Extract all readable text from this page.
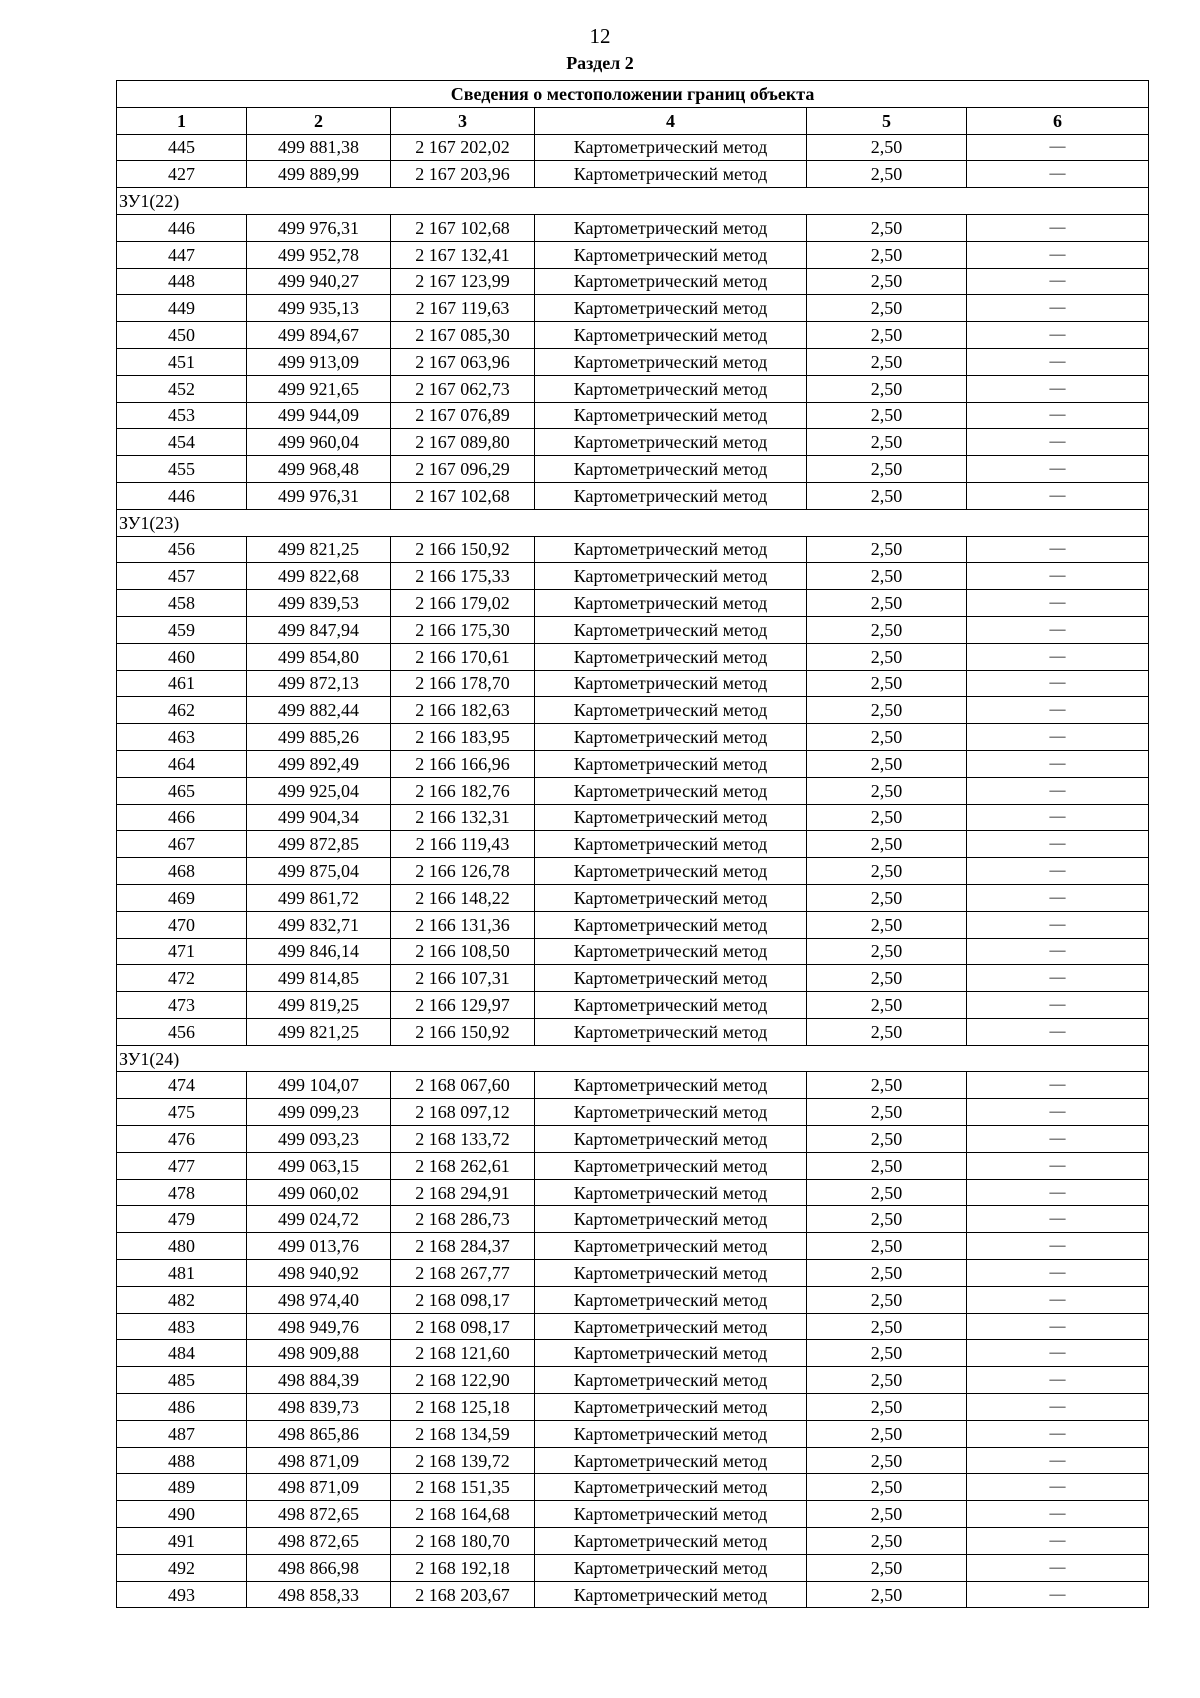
12
Раздел 2
Сведения о местоположении границ объекта					
1	2	3	4	5	6
445	499 881,38	2 167 202,02	Картометрический метод	2,50	—
427	499 889,99	2 167 203,96	Картометрический метод	2,50	—
ЗУ1(22)					
446	499 976,31	2 167 102,68	Картометрический метод	2,50	—
447	499 952,78	2 167 132,41	Картометрический метод	2,50	—
448	499 940,27	2 167 123,99	Картометрический метод	2,50	—
449	499 935,13	2 167 119,63	Картометрический метод	2,50	—
450	499 894,67	2 167 085,30	Картометрический метод	2,50	—
451	499 913,09	2 167 063,96	Картометрический метод	2,50	—
452	499 921,65	2 167 062,73	Картометрический метод	2,50	—
453	499 944,09	2 167 076,89	Картометрический метод	2,50	—
454	499 960,04	2 167 089,80	Картометрический метод	2,50	—
455	499 968,48	2 167 096,29	Картометрический метод	2,50	—
446	499 976,31	2 167 102,68	Картометрический метод	2,50	—
ЗУ1(23)					
456	499 821,25	2 166 150,92	Картометрический метод	2,50	—
457	499 822,68	2 166 175,33	Картометрический метод	2,50	—
458	499 839,53	2 166 179,02	Картометрический метод	2,50	—
459	499 847,94	2 166 175,30	Картометрический метод	2,50	—
460	499 854,80	2 166 170,61	Картометрический метод	2,50	—
461	499 872,13	2 166 178,70	Картометрический метод	2,50	—
462	499 882,44	2 166 182,63	Картометрический метод	2,50	—
463	499 885,26	2 166 183,95	Картометрический метод	2,50	—
464	499 892,49	2 166 166,96	Картометрический метод	2,50	—
465	499 925,04	2 166 182,76	Картометрический метод	2,50	—
466	499 904,34	2 166 132,31	Картометрический метод	2,50	—
467	499 872,85	2 166 119,43	Картометрический метод	2,50	—
468	499 875,04	2 166 126,78	Картометрический метод	2,50	—
469	499 861,72	2 166 148,22	Картометрический метод	2,50	—
470	499 832,71	2 166 131,36	Картометрический метод	2,50	—
471	499 846,14	2 166 108,50	Картометрический метод	2,50	—
472	499 814,85	2 166 107,31	Картометрический метод	2,50	—
473	499 819,25	2 166 129,97	Картометрический метод	2,50	—
456	499 821,25	2 166 150,92	Картометрический метод	2,50	—
ЗУ1(24)					
474	499 104,07	2 168 067,60	Картометрический метод	2,50	—
475	499 099,23	2 168 097,12	Картометрический метод	2,50	—
476	499 093,23	2 168 133,72	Картометрический метод	2,50	—
477	499 063,15	2 168 262,61	Картометрический метод	2,50	—
478	499 060,02	2 168 294,91	Картометрический метод	2,50	—
479	499 024,72	2 168 286,73	Картометрический метод	2,50	—
480	499 013,76	2 168 284,37	Картометрический метод	2,50	—
481	498 940,92	2 168 267,77	Картометрический метод	2,50	—
482	498 974,40	2 168 098,17	Картометрический метод	2,50	—
483	498 949,76	2 168 098,17	Картометрический метод	2,50	—
484	498 909,88	2 168 121,60	Картометрический метод	2,50	—
485	498 884,39	2 168 122,90	Картометрический метод	2,50	—
486	498 839,73	2 168 125,18	Картометрический метод	2,50	—
487	498 865,86	2 168 134,59	Картометрический метод	2,50	—
488	498 871,09	2 168 139,72	Картометрический метод	2,50	—
489	498 871,09	2 168 151,35	Картометрический метод	2,50	—
490	498 872,65	2 168 164,68	Картометрический метод	2,50	—
491	498 872,65	2 168 180,70	Картометрический метод	2,50	—
492	498 866,98	2 168 192,18	Картометрический метод	2,50	—
493	498 858,33	2 168 203,67	Картометрический метод	2,50	—
